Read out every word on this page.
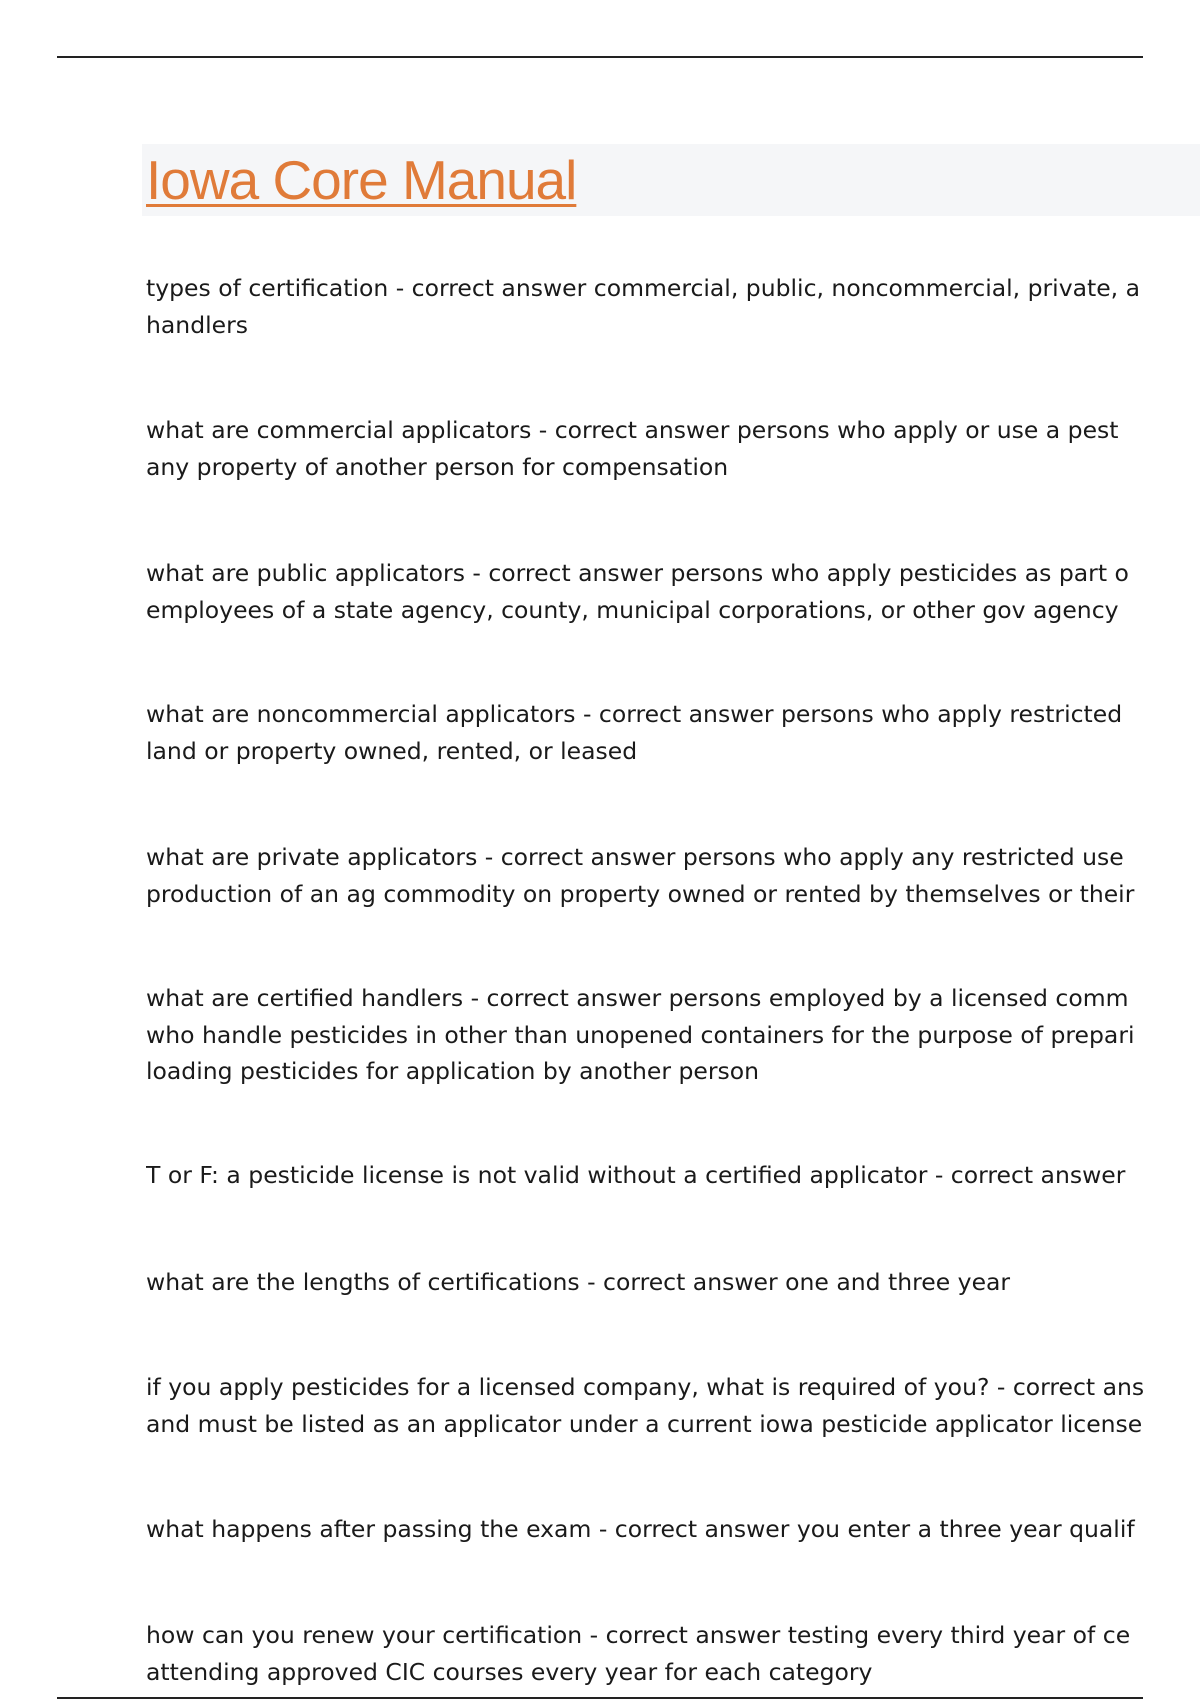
Iowa Core Manual
types of certification - correct answer commercial, public, noncommercial, private, a
handlers
what are commercial applicators - correct answer persons who apply or use a pest
any property of another person for compensation
what are public applicators - correct answer persons who apply pesticides as part o
employees of a state agency, county, municipal corporations, or other gov agency
what are noncommercial applicators - correct answer persons who apply restricted
land or property owned, rented, or leased
what are private applicators - correct answer persons who apply any restricted use
production of an ag commodity on property owned or rented by themselves or their
what are certified handlers - correct answer persons employed by a licensed comm
who handle pesticides in other than unopened containers for the purpose of prepari
loading pesticides for application by another person
T or F: a pesticide license is not valid without a certified applicator - correct answer
what are the lengths of certifications - correct answer one and three year
if you apply pesticides for a licensed company, what is required of you? - correct ans
and must be listed as an applicator under a current iowa pesticide applicator license
what happens after passing the exam - correct answer you enter a three year qualif
how can you renew your certification - correct answer testing every third year of ce
attending approved CIC courses every year for each category
